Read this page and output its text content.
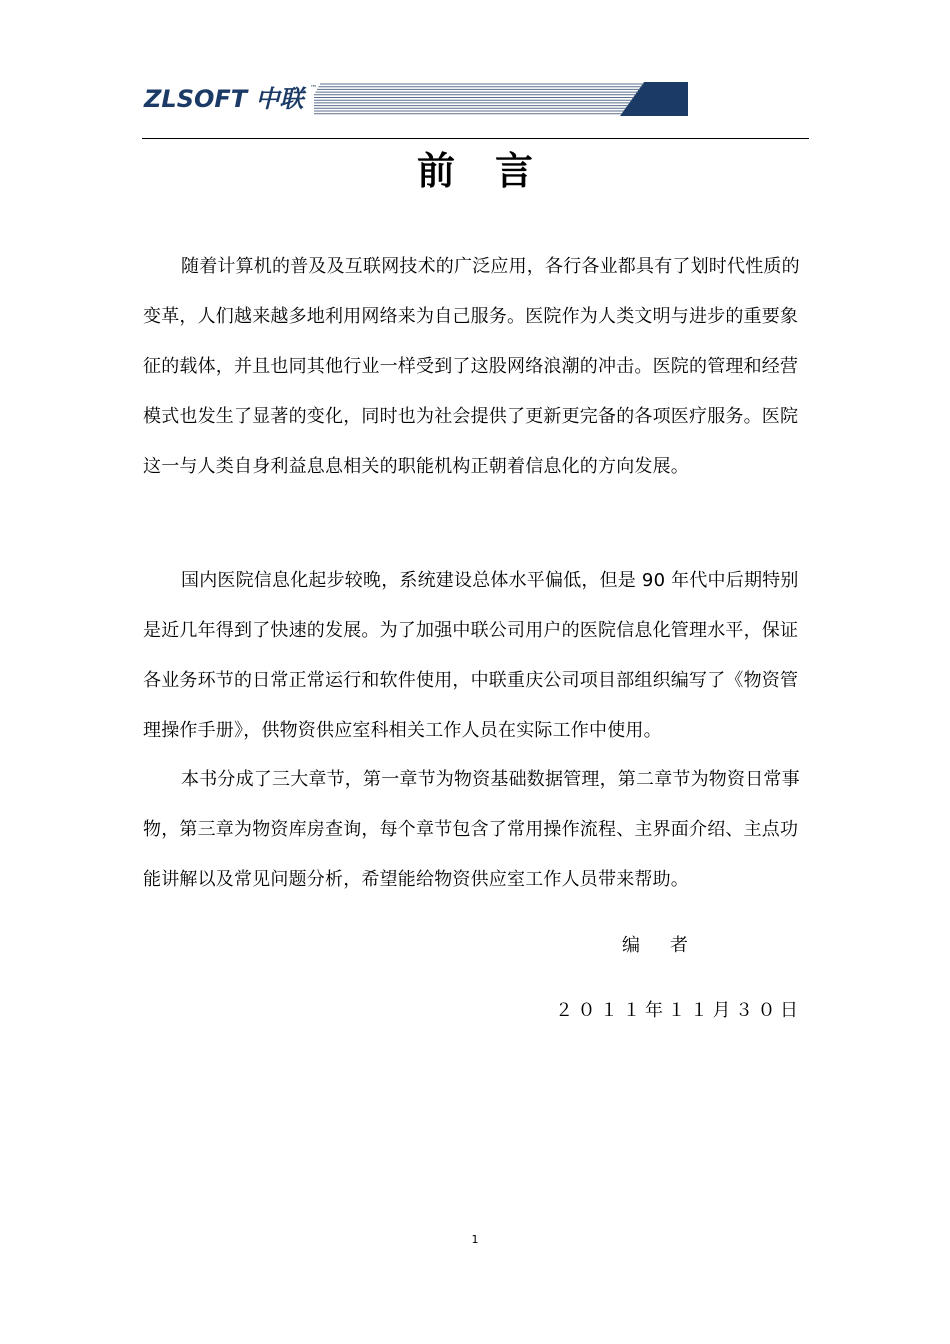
ZLSOFT 中联 ™
前言

随着计算机的普及及互联网技术的广泛应用，各行各业都具有了划时代性质的变革，人们越来越多地利用网络来为自己服务。医院作为人类文明与进步的重要象征的载体，并且也同其他行业一样受到了这股网络浪潮的冲击。医院的管理和经营模式也发生了显著的变化，同时也为社会提供了更新更完备的各项医疗服务。医院这一与人类自身利益息息相关的职能机构正朝着信息化的方向发展。

国内医院信息化起步较晚，系统建设总体水平偏低，但是 90 年代中后期特别是近几年得到了快速的发展。为了加强中联公司用户的医院信息化管理水平，保证各业务环节的日常正常运行和软件使用，中联重庆公司项目部组织编写了《物资管理操作手册》，供物资供应室科相关工作人员在实际工作中使用。

本书分成了三大章节，第一章节为物资基础数据管理，第二章节为物资日常事物，第三章为物资库房查询，每个章节包含了常用操作流程、主界面介绍、主点功能讲解以及常见问题分析，希望能给物资供应室工作人员带来帮助。

编者
２０１１年１１月３０日
1
